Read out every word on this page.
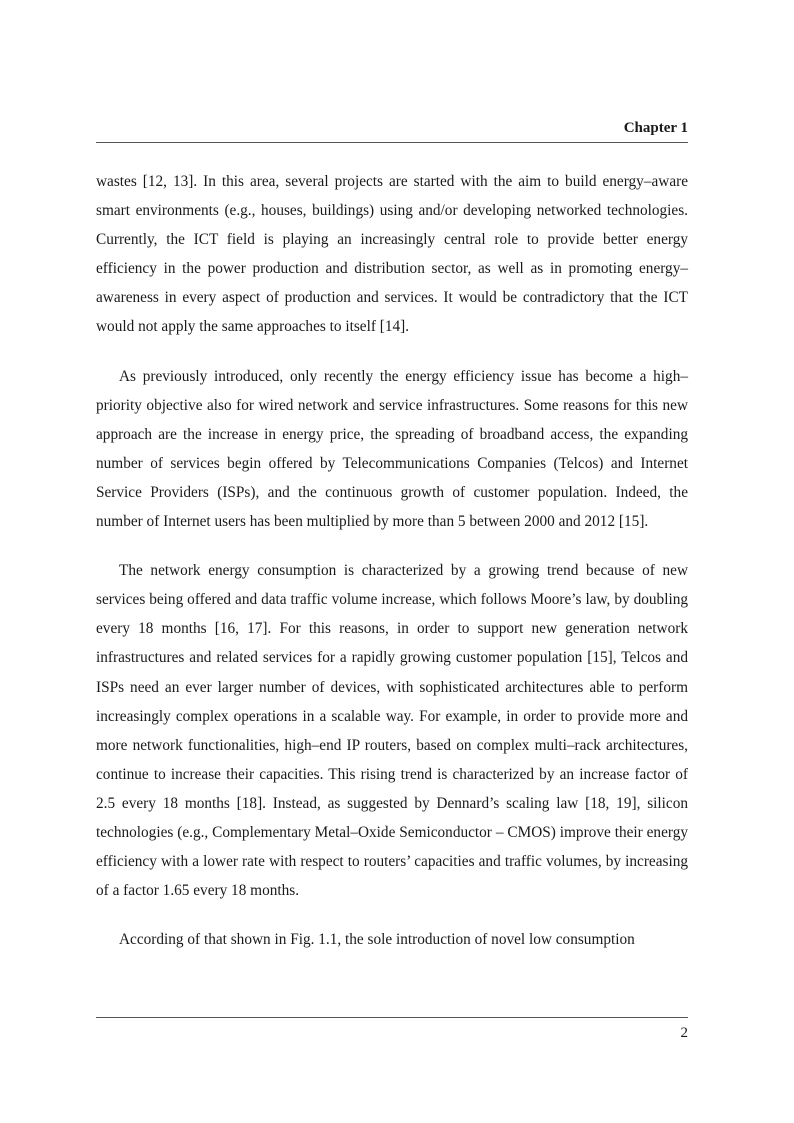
Chapter 1

wastes [12, 13]. In this area, several projects are started with the aim to build energy–aware smart environments (e.g., houses, buildings) using and/or developing networked technologies. Currently, the ICT field is playing an increasingly central role to provide better energy efficiency in the power production and distribution sector, as well as in promoting energy–awareness in every aspect of production and services. It would be contradictory that the ICT would not apply the same approaches to itself [14].

As previously introduced, only recently the energy efficiency issue has become a high–priority objective also for wired network and service infrastructures. Some reasons for this new approach are the increase in energy price, the spreading of broadband access, the expanding number of services begin offered by Telecommunications Companies (Telcos) and Internet Service Providers (ISPs), and the continuous growth of customer population. Indeed, the number of Internet users has been multiplied by more than 5 between 2000 and 2012 [15].

The network energy consumption is characterized by a growing trend because of new services being offered and data traffic volume increase, which follows Moore’s law, by doubling every 18 months [16, 17]. For this reasons, in order to support new generation network infrastructures and related services for a rapidly growing customer population [15], Telcos and ISPs need an ever larger number of devices, with sophisticated architectures able to perform increasingly complex operations in a scalable way. For example, in order to provide more and more network functionalities, high–end IP routers, based on complex multi–rack architectures, continue to increase their capacities. This rising trend is characterized by an increase factor of 2.5 every 18 months [18]. Instead, as suggested by Dennard’s scaling law [18, 19], silicon technologies (e.g., Complementary Metal–Oxide Semiconductor – CMOS) improve their energy efficiency with a lower rate with respect to routers’ capacities and traffic volumes, by increasing of a factor 1.65 every 18 months.

According of that shown in Fig. 1.1, the sole introduction of novel low consumption

2
